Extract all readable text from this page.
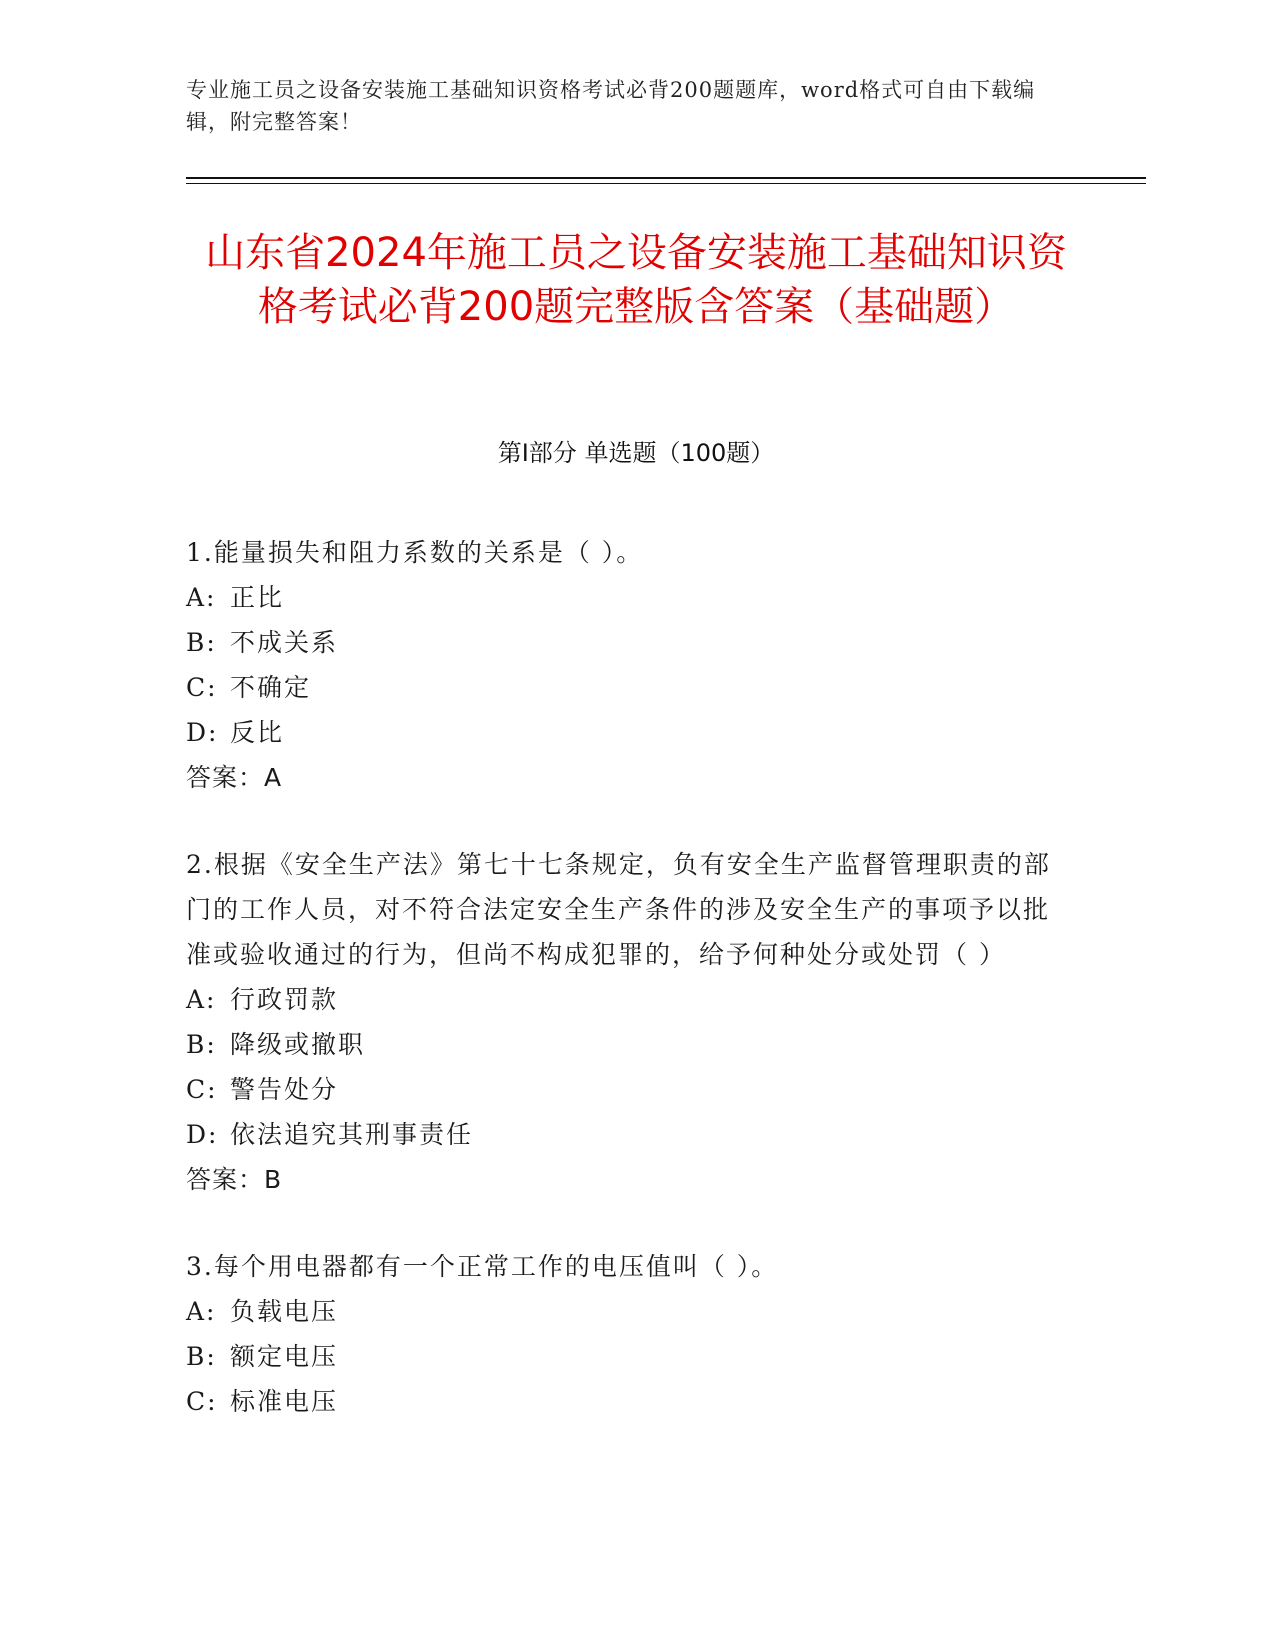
专业施工员之设备安装施工基础知识资格考试必背200题题库，word格式可自由下载编辑，附完整答案！
山东省2024年施工员之设备安装施工基础知识资格考试必背200题完整版含答案（基础题）
第I部分 单选题（100题）

1.能量损失和阻力系数的关系是（ ）。

A: 正比

B: 不成关系

C: 不确定

D: 反比

答案：A

2.根据《安全生产法》第七十七条规定，负有安全生产监督管理职责的部门的工作人员，对不符合法定安全生产条件的涉及安全生产的事项予以批准或验收通过的行为，但尚不构成犯罪的，给予何种处分或处罚（ ）

A: 行政罚款

B: 降级或撤职

C: 警告处分

D: 依法追究其刑事责任

答案：B

3.每个用电器都有一个正常工作的电压值叫（ ）。

A: 负载电压

B: 额定电压

C: 标准电压
